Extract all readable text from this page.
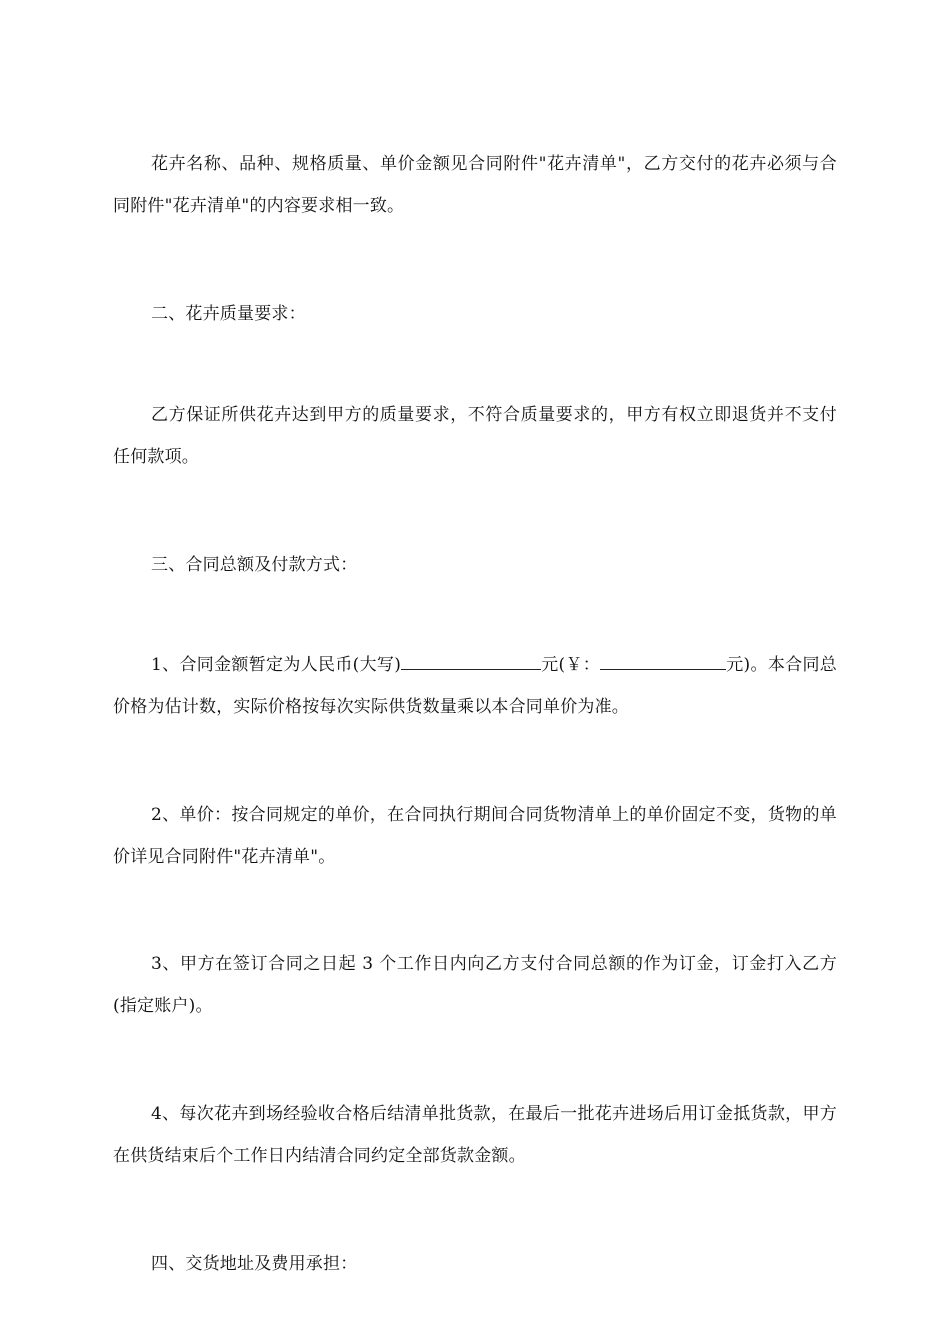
花卉名称、品种、规格质量、单价金额见合同附件"花卉清单"，乙方交付的花卉必须与合同附件"花卉清单"的内容要求相一致。

二、花卉质量要求：

乙方保证所供花卉达到甲方的质量要求，不符合质量要求的，甲方有权立即退货并不支付任何款项。

三、合同总额及付款方式：

1、合同金额暂定为人民币(大写)	元(￥：	元)。本合同总价格为估计数，实际价格按每次实际供货数量乘以本合同单价为准。

2、单价：按合同规定的单价，在合同执行期间合同货物清单上的单价固定不变，货物的单价详见合同附件"花卉清单"。

3、甲方在签订合同之日起 3 个工作日内向乙方支付合同总额的作为订金，订金打入乙方(指定账户)。

4、每次花卉到场经验收合格后结清单批货款，在最后一批花卉进场后用订金抵货款，甲方在供货结束后个工作日内结清合同约定全部货款金额。

四、交货地址及费用承担：
